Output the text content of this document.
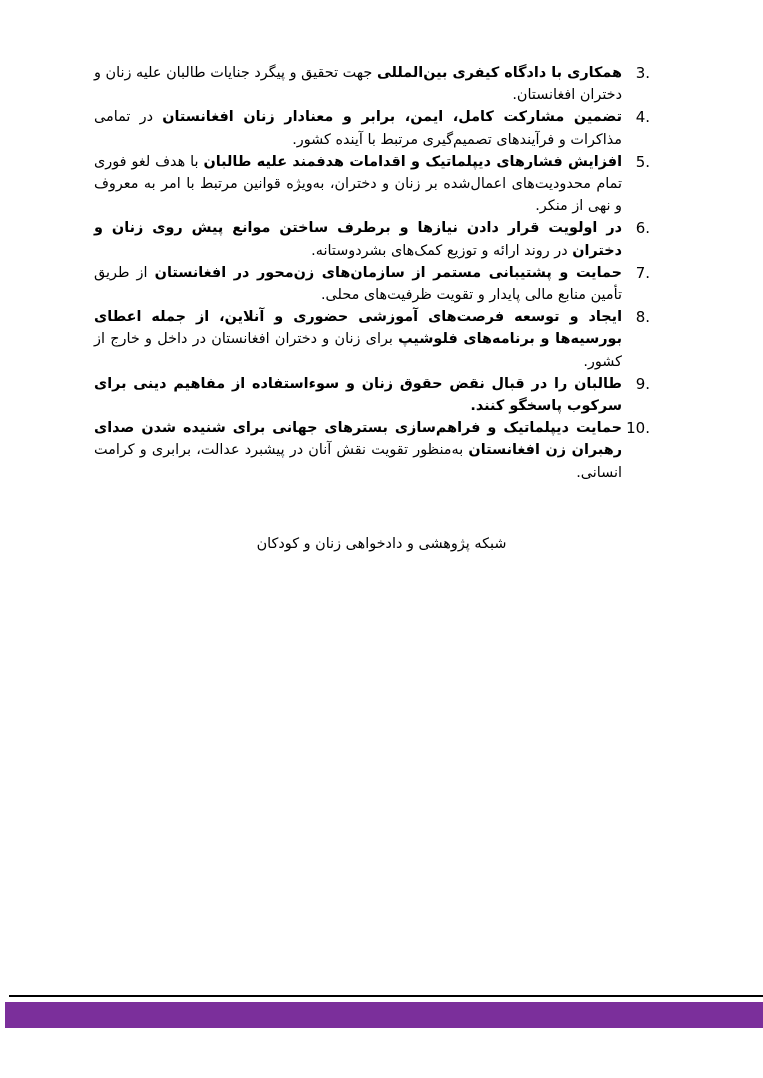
3.
همکاری با دادگاه کیفری بین‌المللی جهت تحقیق و پیگرد جنایات طالبان علیه زنان و دختران افغانستان.
4.
تضمین مشارکت کامل، ایمن، برابر و معنادار زنان افغانستان در تمامی مذاکرات و فرآیندهای تصمیم‌گیری مرتبط با آینده کشور.
5.
افزایش فشارهای دیپلماتیک و اقدامات هدفمند علیه طالبان با هدف لغو فوری تمام محدودیت‌های اعمال‌شده بر زنان و دختران، به‌ویژه قوانین مرتبط با امر به معروف و نهی از منکر.
6.
در اولویت قرار دادن نیازها و برطرف ساختن موانع پیش روی زنان و دختران در روند ارائه و توزیع کمک‌های بشردوستانه.
7.
حمایت و پشتیبانی مستمر از سازمان‌های زن‌محور در افغانستان از طریق تأمین منابع مالی پایدار و تقویت ظرفیت‌های محلی.
8.
ایجاد و توسعه فرصت‌های آموزشی حضوری و آنلاین، از جمله اعطای بورسیه‌ها و برنامه‌های فلوشیپ برای زنان و دختران افغانستان در داخل و خارج از کشور.
9.
طالبان را در قبال نقض حقوق زنان و سوءاستفاده از مفاهیم دینی برای سرکوب پاسخگو کنند.
10.
حمایت دیپلماتیک و فراهم‌سازی بسترهای جهانی برای شنیده شدن صدای رهبران زن افغانستان به‌منظور تقویت نقش آنان در پیشبرد عدالت، برابری و کرامت انسانی.
شبکه پژوهشی و دادخواهی زنان و کودکان
